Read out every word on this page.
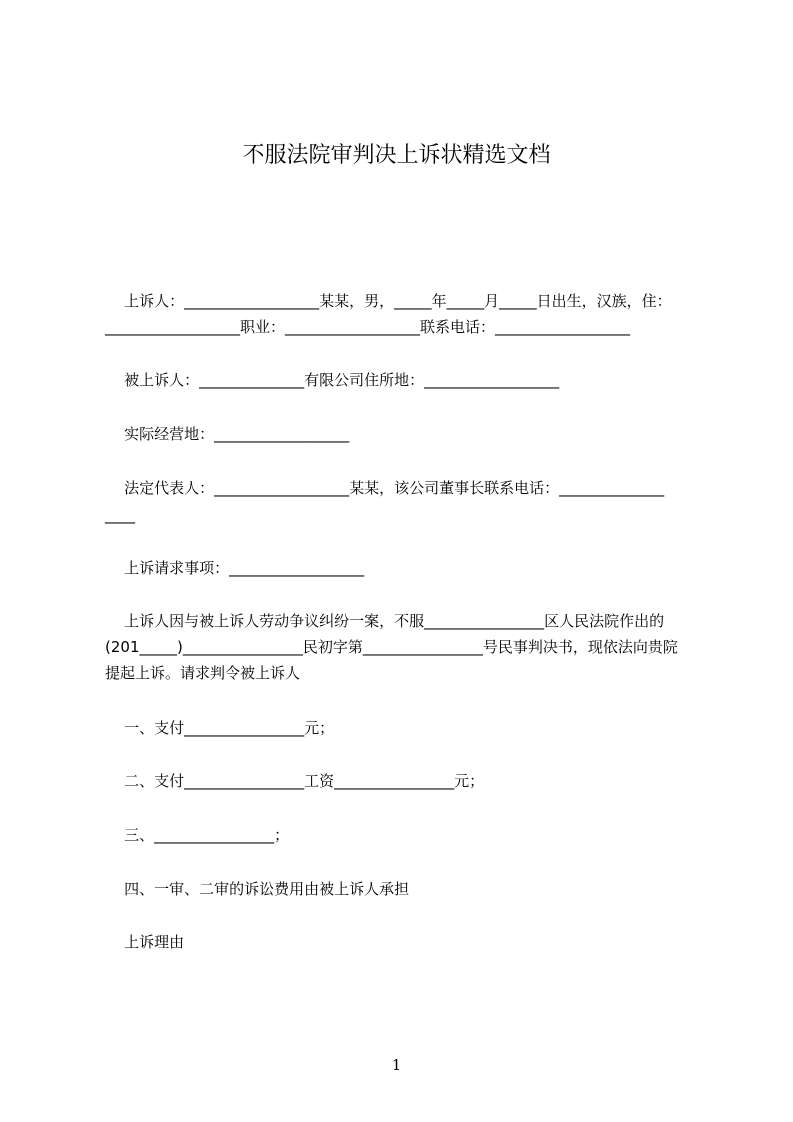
不服法院审判决上诉状精选文档
上诉人：__________________某某，男，_____年_____月_____日出生，汉族，住：
__________________职业：__________________联系电话：__________________
被上诉人：______________有限公司住所地：__________________
实际经营地：__________________
法定代表人：__________________某某，该公司董事长联系电话：______________
____
上诉请求事项：__________________
上诉人因与被上诉人劳动争议纠纷一案，不服________________区人民法院作出的
(201_____)________________民初字第________________号民事判决书，现依法向贵院
提起上诉。请求判令被上诉人
一、支付________________元；
二、支付________________工资________________元；
三、________________；
四、一审、二审的诉讼费用由被上诉人承担
上诉理由
1
